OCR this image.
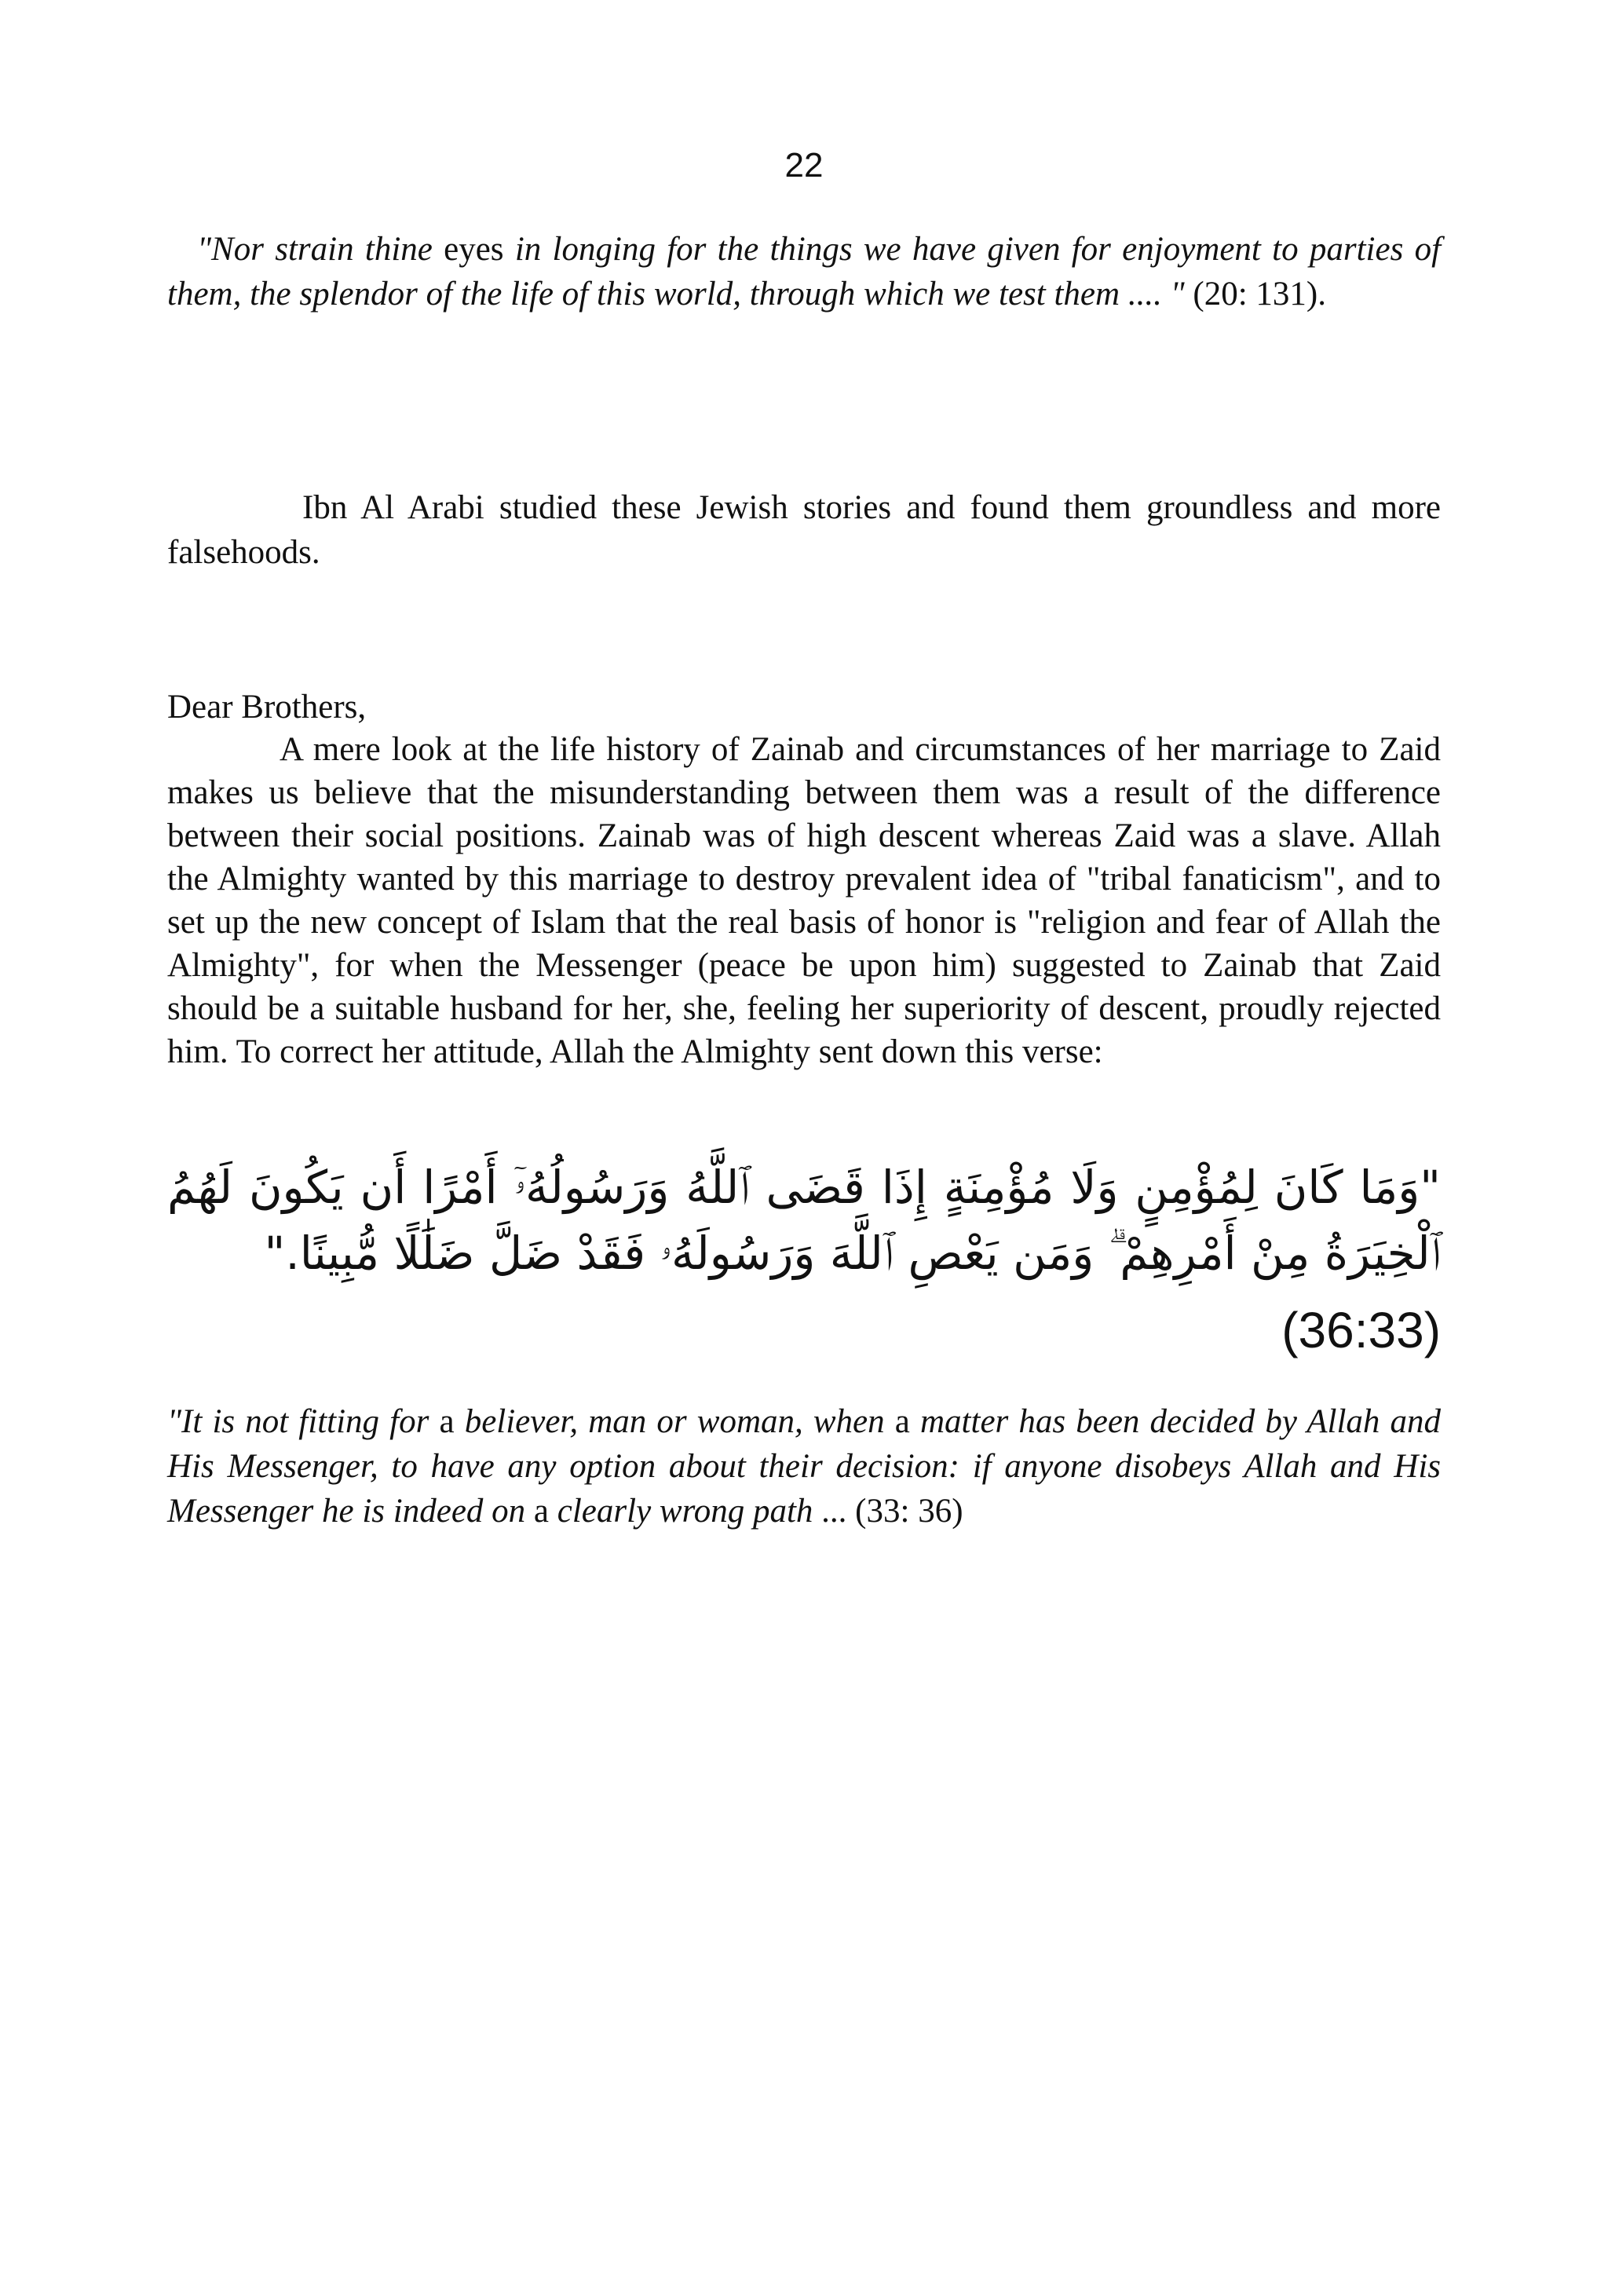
22
"Nor strain thine eyes in longing for the things we have given for enjoyment to parties of them, the splendor of the life of this world, through which we test them .... " (20: 131).
Ibn Al Arabi studied these Jewish stories and found them groundless and more falsehoods.
Dear Brothers,
A mere look at the life history of Zainab and circumstances of her marriage to Zaid makes us believe that the misunderstanding between them was a result of the difference between their social positions. Zainab was of high descent whereas Zaid was a slave. Allah the Almighty wanted by this marriage to destroy prevalent idea of "tribal fanaticism", and to set up the new concept of Islam that the real basis of honor is "religion and fear of Allah the Almighty", for when the Messenger (peace be upon him) suggested to Zainab that Zaid should be a suitable husband for her, she, feeling her superiority of descent, proudly rejected him. To correct her attitude, Allah the Almighty sent down this verse:
"وَمَا كَانَ لِمُؤْمِنٍ وَلَا مُؤْمِنَةٍ إِذَا قَضَى ٱللَّهُ وَرَسُولُهُۥٓ أَمْرًا أَن يَكُونَ لَهُمُ ٱلْخِيَرَةُ مِنْ أَمْرِهِمْ ۗ وَمَن يَعْصِ ٱللَّهَ وَرَسُولَهُۥ فَقَدْ ضَلَّ ضَلَٰلًا مُّبِينًا."
(36:33)
"It is not fitting for a believer, man or woman, when a matter has been decided by Allah and His Messenger, to have any option about their decision: if anyone disobeys Allah and His Messenger he is indeed on a clearly wrong path ... (33: 36)
